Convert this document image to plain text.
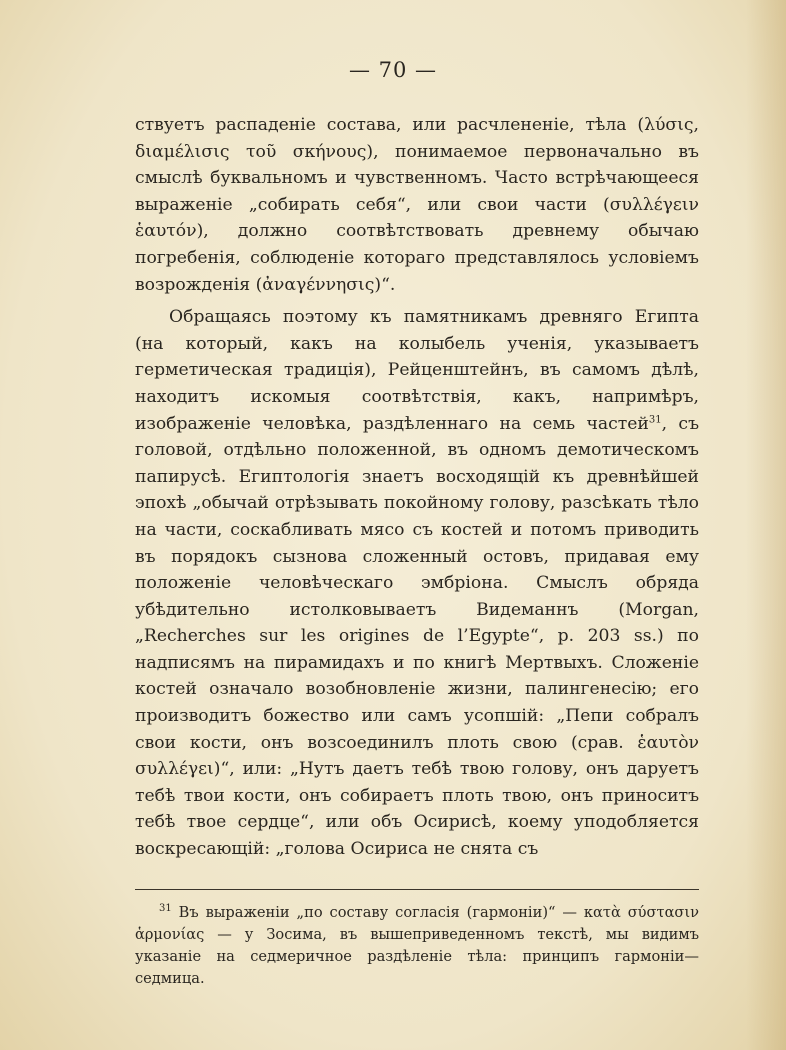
— 70 —

ствуетъ распаденіе состава, или расчлененіе, тѣла (λύσις, διαμέλισις τοῦ σκήνους), понимаемое первоначально въ смыслѣ буквальномъ и чувственномъ. Часто встрѣчающееся выраженіе „собирать себя“, или свои части (συλλέγειν ἑαυτόν), должно соотвѣтствовать древнему обычаю погребенія, соблюденіе котораго представлялось условіемъ возрожденія (ἀναγέννησις)“.

Обращаясь поэтому къ памятникамъ древняго Египта (на который, какъ на колыбель ученія, указываетъ герметическая традиція), Рейценштейнъ, въ самомъ дѣлѣ, находитъ искомыя соотвѣтствія, какъ, напримѣръ, изображеніе человѣка, раздѣленнаго на семь частей$^{31}$, съ головой, отдѣльно положенной, въ одномъ демотическомъ папирусѣ. Египтологія знаетъ восходящій къ древнѣйшей эпохѣ „обычай отрѣзывать покойному голову, разсѣкать тѣло на части, соскабливать мясо съ костей и потомъ приводить въ порядокъ сызнова сложенный остовъ, придавая ему положеніе человѣческаго эмбріона. Смыслъ обряда убѣдительно истолковываетъ Видеманнъ (Morgan, „Recherches sur les origines de l’Egypte“, p. 203 ss.) по надписямъ на пирамидахъ и по книгѣ Мертвыхъ. Сложеніе костей означало возобновленіе жизни, палингенесію; его производитъ божество или самъ усопшій: „Пепи собралъ свои кости, онъ возсоединилъ плоть свою (срав. ἑαυτὸν συλλέγει)“, или: „Нутъ даетъ тебѣ твою голову, онъ даруетъ тебѣ твои кости, онъ собираетъ плоть твою, онъ приноситъ тебѣ твое сердце“, или объ Осирисѣ, коему уподобляется воскресающій: „голова Осириса не снята съ

$^{31}$ Въ выраженіи „по составу согласія (гармоніи)“ — κατὰ σύστασιν ἁρμονίας — у Зосима, въ вышеприведенномъ текстѣ, мы видимъ указаніе на седмеричное раздѣленіе тѣла: принципъ гармоніи—седмица.
